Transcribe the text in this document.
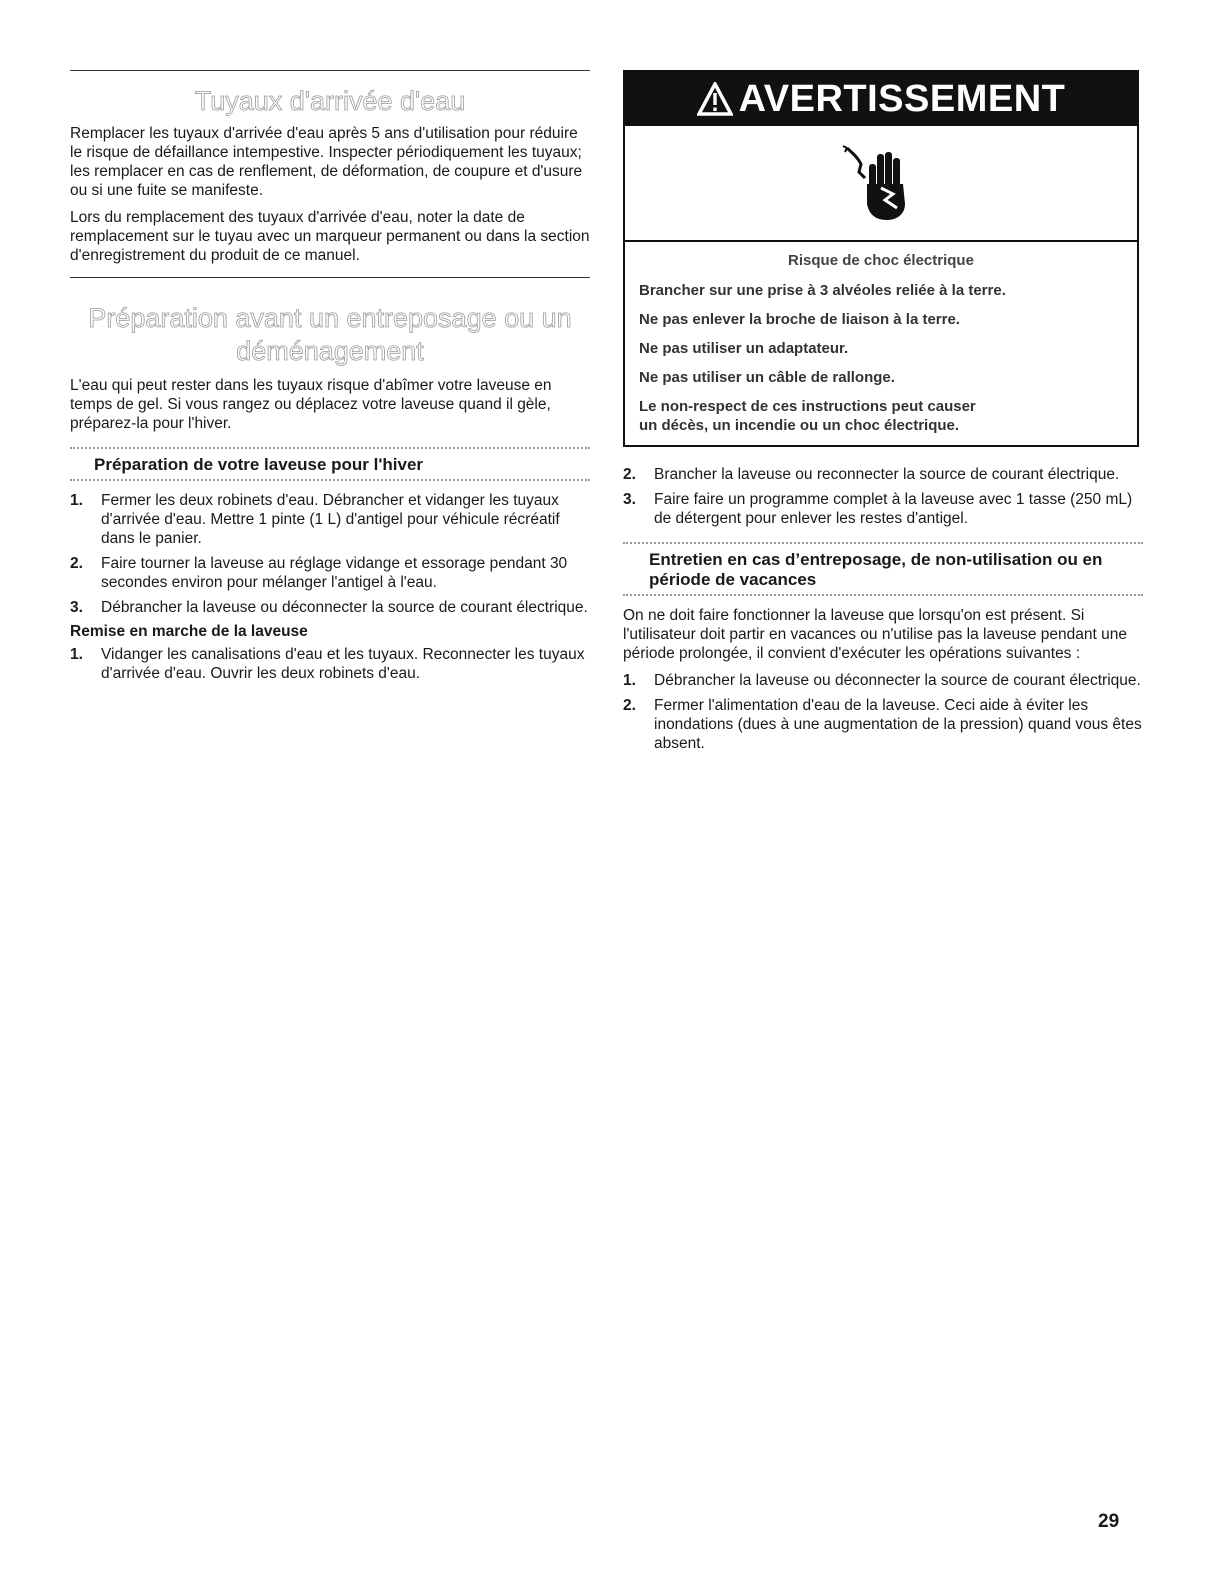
Tuyaux d'arrivée d'eau

Remplacer les tuyaux d'arrivée d'eau après 5 ans d'utilisation pour réduire le risque de défaillance intempestive. Inspecter périodiquement les tuyaux; les remplacer en cas de renflement, de déformation, de coupure et d'usure ou si une fuite se manifeste.

Lors du remplacement des tuyaux d'arrivée d'eau, noter la date de remplacement sur le tuyau avec un marqueur permanent ou dans la section d'enregistrement du produit de ce manuel.

Préparation avant un entreposage ou un déménagement

L'eau qui peut rester dans les tuyaux risque d'abîmer votre laveuse en temps de gel. Si vous rangez ou déplacez votre laveuse quand il gèle, préparez-la pour l'hiver.

Préparation de votre laveuse pour l'hiver
1. Fermer les deux robinets d'eau. Débrancher et vidanger les tuyaux d'arrivée d'eau. Mettre 1 pinte (1 L) d'antigel pour véhicule récréatif dans le panier.
2. Faire tourner la laveuse au réglage vidange et essorage pendant 30 secondes environ pour mélanger l'antigel à l'eau.
3. Débrancher la laveuse ou déconnecter la source de courant électrique.
Remise en marche de la laveuse
1. Vidanger les canalisations d'eau et les tuyaux. Reconnecter les tuyaux d'arrivée d'eau. Ouvrir les deux robinets d'eau.
AVERTISSEMENT
Risque de choc électrique
Brancher sur une prise à 3 alvéoles reliée à la terre.
Ne pas enlever la broche de liaison à la terre.
Ne pas utiliser un adaptateur.
Ne pas utiliser un câble de rallonge.
Le non-respect de ces instructions peut causer
un décès, un incendie ou un choc électrique.
2. Brancher la laveuse ou reconnecter la source de courant électrique.
3. Faire faire un programme complet à la laveuse avec 1 tasse (250 mL) de détergent pour enlever les restes d'antigel.
Entretien en cas d’entreposage, de non-utilisation ou en période de vacances

On ne doit faire fonctionner la laveuse que lorsqu'on est présent. Si l'utilisateur doit partir en vacances ou n'utilise pas la laveuse pendant une période prolongée, il convient d'exécuter les opérations suivantes :

1. Débrancher la laveuse ou déconnecter la source de courant électrique.
2. Fermer l'alimentation d'eau de la laveuse. Ceci aide à éviter les inondations (dues à une augmentation de la pression) quand vous êtes absent.
29
